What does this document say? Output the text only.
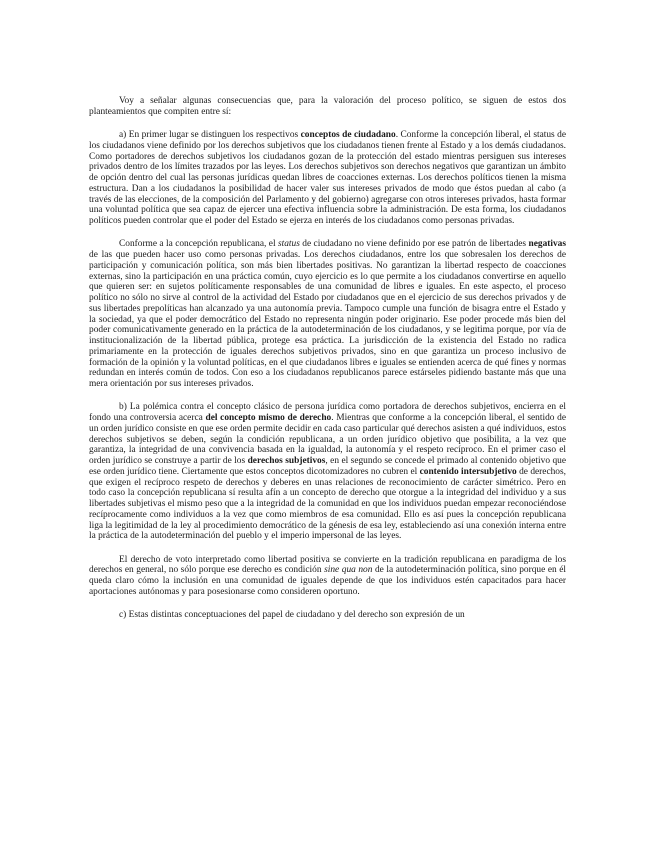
Voy a señalar algunas consecuencias que, para la valoración del proceso político, se siguen de estos dos planteamientos que compiten entre sí:

a) En primer lugar se distinguen los respectivos conceptos de ciudadano. Conforme la concepción liberal, el status de los ciudadanos viene definido por los derechos subjetivos que los ciudadanos tienen frente al Estado y a los demás ciudadanos. Como portadores de derechos subjetivos los ciudadanos gozan de la protección del estado mientras persiguen sus intereses privados dentro de los límites trazados por las leyes. Los derechos subjetivos son derechos negativos que garantizan un ámbito de opción dentro del cual las personas jurídicas quedan libres de coacciones externas. Los derechos políticos tienen la misma estructura. Dan a los ciudadanos la posibilidad de hacer valer sus intereses privados de modo que éstos puedan al cabo (a través de las elecciones, de la composición del Parlamento y del gobierno) agregarse con otros intereses privados, hasta formar una voluntad política que sea capaz de ejercer una efectiva influencia sobre la administración. De esta forma, los ciudadanos políticos pueden controlar que el poder del Estado se ejerza en interés de los ciudadanos como personas privadas.

Conforme a la concepción republicana, el status de ciudadano no viene definido por ese patrón de libertades negativas de las que pueden hacer uso como personas privadas. Los derechos ciudadanos, entre los que sobresalen los derechos de participación y comunicación política, son más bien libertades positivas. No garantizan la libertad respecto de coacciones externas, sino la participación en una práctica común, cuyo ejercicio es lo que permite a los ciudadanos convertirse en aquello que quieren ser: en sujetos políticamente responsables de una comunidad de libres e iguales. En este aspecto, el proceso político no sólo no sirve al control de la actividad del Estado por ciudadanos que en el ejercicio de sus derechos privados y de sus libertades prepolíticas han alcanzado ya una autonomía previa. Tampoco cumple una función de bisagra entre el Estado y la sociedad, ya que el poder democrático del Estado no representa ningún poder originario. Ese poder procede más bien del poder comunicativamente generado en la práctica de la autodeterminación de los ciudadanos, y se legitima porque, por vía de institucionalización de la libertad pública, protege esa práctica. La jurisdicción de la existencia del Estado no radica primariamente en la protección de iguales derechos subjetivos privados, sino en que garantiza un proceso inclusivo de formación de la opinión y la voluntad políticas, en el que ciudadanos libres e iguales se entienden acerca de qué fines y normas redundan en interés común de todos. Con eso a los ciudadanos republicanos parece estárseles pidiendo bastante más que una mera orientación por sus intereses privados.

b) La polémica contra el concepto clásico de persona jurídica como portadora de derechos subjetivos, encierra en el fondo una controversia acerca del concepto mismo de derecho. Mientras que conforme a la concepción liberal, el sentido de un orden jurídico consiste en que ese orden permite decidir en cada caso particular qué derechos asisten a qué individuos, estos derechos subjetivos se deben, según la condición republicana, a un orden jurídico objetivo que posibilita, a la vez que garantiza, la integridad de una convivencia basada en la igualdad, la autonomía y el respeto recíproco. En el primer caso el orden jurídico se construye a partir de los derechos subjetivos, en el segundo se concede el primado al contenido objetivo que ese orden jurídico tiene. Ciertamente que estos conceptos dicotomizadores no cubren el contenido intersubjetivo de derechos, que exigen el recíproco respeto de derechos y deberes en unas relaciones de reconocimiento de carácter simétrico. Pero en todo caso la concepción republicana sí resulta afín a un concepto de derecho que otorgue a la integridad del individuo y a sus libertades subjetivas el mismo peso que a la integridad de la comunidad en que los individuos puedan empezar reconociéndose recíprocamente como individuos a la vez que como miembros de esa comunidad. Ello es así pues la concepción republicana liga la legitimidad de la ley al procedimiento democrático de la génesis de esa ley, estableciendo así una conexión interna entre la práctica de la autodeterminación del pueblo y el imperio impersonal de las leyes.

El derecho de voto interpretado como libertad positiva se convierte en la tradición republicana en paradigma de los derechos en general, no sólo porque ese derecho es condición sine qua non de la autodeterminación política, sino porque en él queda claro cómo la inclusión en una comunidad de iguales depende de que los individuos estén capacitados para hacer aportaciones autónomas y para posesionarse como consideren oportuno.

c) Estas distintas conceptuaciones del papel de ciudadano y del derecho son expresión de un
